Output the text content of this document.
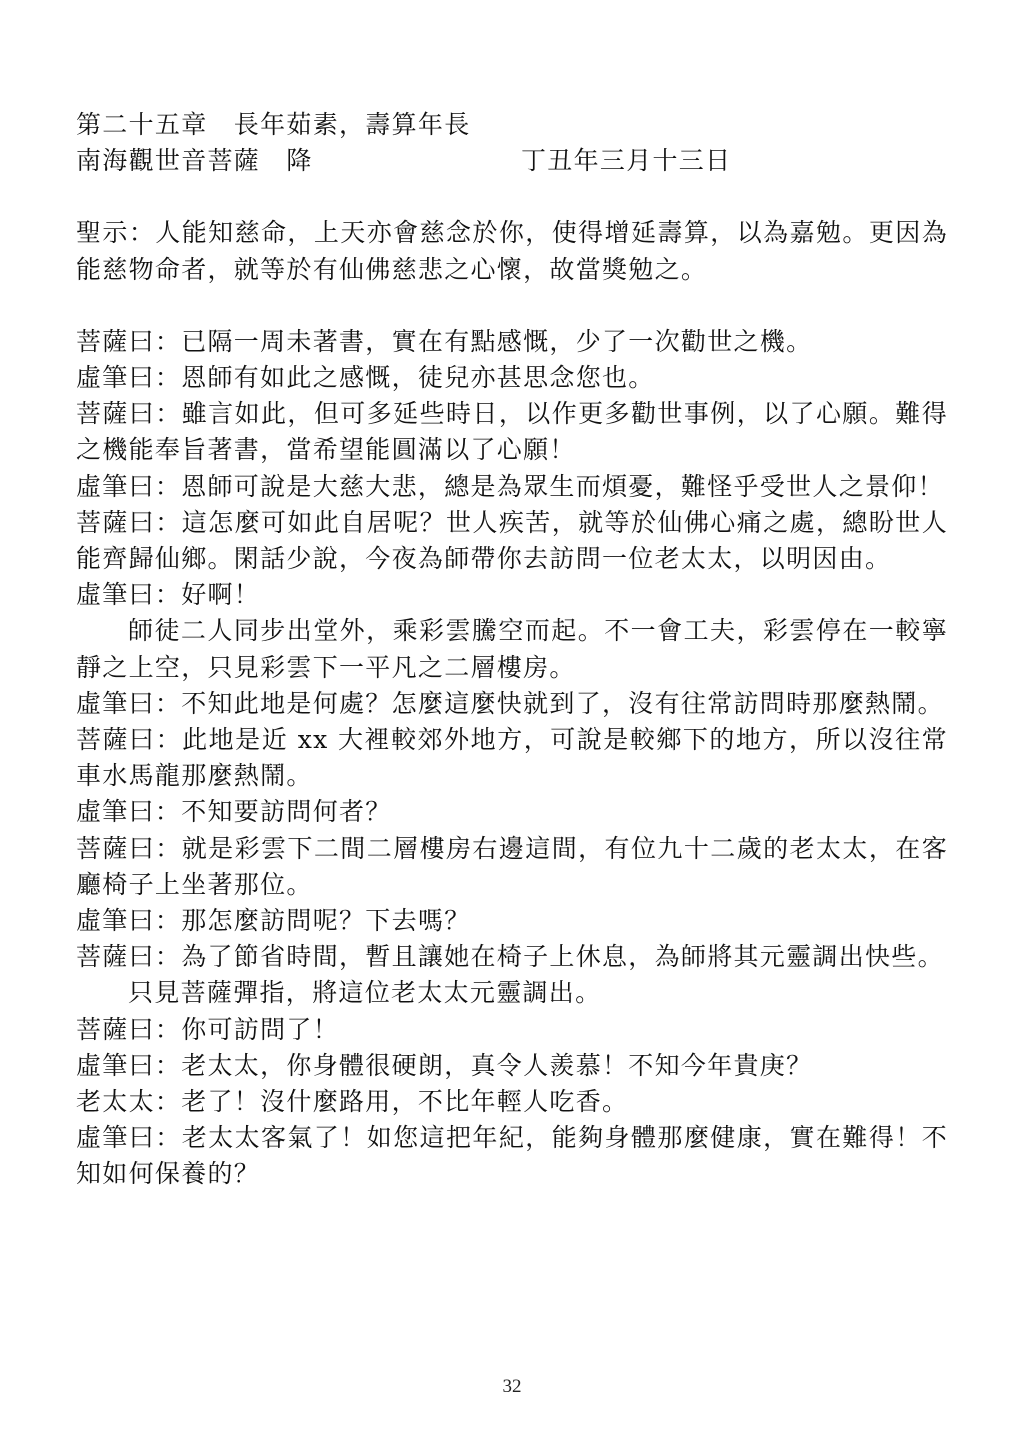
第二十五章　長年茹素，壽算年長
南海觀世音菩薩　降	丁丑年三月十三日
聖示：人能知慈命，上天亦會慈念於你，使得增延壽算，以為嘉勉。更因為能慈物命者，就等於有仙佛慈悲之心懷，故當獎勉之。
菩薩曰：已隔一周未著書，實在有點感慨，少了一次勸世之機。
虛筆曰：恩師有如此之感慨，徒兒亦甚思念您也。
菩薩曰：雖言如此，但可多延些時日，以作更多勸世事例，以了心願。難得之機能奉旨著書，當希望能圓滿以了心願！
虛筆曰：恩師可說是大慈大悲，總是為眾生而煩憂，難怪乎受世人之景仰！
菩薩曰：這怎麼可如此自居呢？世人疾苦，就等於仙佛心痛之處，總盼世人能齊歸仙鄉。閑話少說，今夜為師帶你去訪問一位老太太，以明因由。
虛筆曰：好啊！
師徒二人同步出堂外，乘彩雲騰空而起。不一會工夫，彩雲停在一較寧靜之上空，只見彩雲下一平凡之二層樓房。
虛筆曰：不知此地是何處？怎麼這麼快就到了，沒有往常訪問時那麼熱鬧。
菩薩曰：此地是近 xx 大裡較郊外地方，可說是較鄉下的地方，所以沒往常車水馬龍那麼熱鬧。
虛筆曰：不知要訪問何者？
菩薩曰：就是彩雲下二間二層樓房右邊這間，有位九十二歲的老太太，在客廳椅子上坐著那位。
虛筆曰：那怎麼訪問呢？下去嗎？
菩薩曰：為了節省時間，暫且讓她在椅子上休息，為師將其元靈調出快些。
只見菩薩彈指，將這位老太太元靈調出。
菩薩曰：你可訪問了！
虛筆曰：老太太，你身體很硬朗，真令人羨慕！不知今年貴庚？
老太太：老了！沒什麼路用，不比年輕人吃香。
虛筆曰：老太太客氣了！如您這把年紀，能夠身體那麼健康，實在難得！不知如何保養的？
32
